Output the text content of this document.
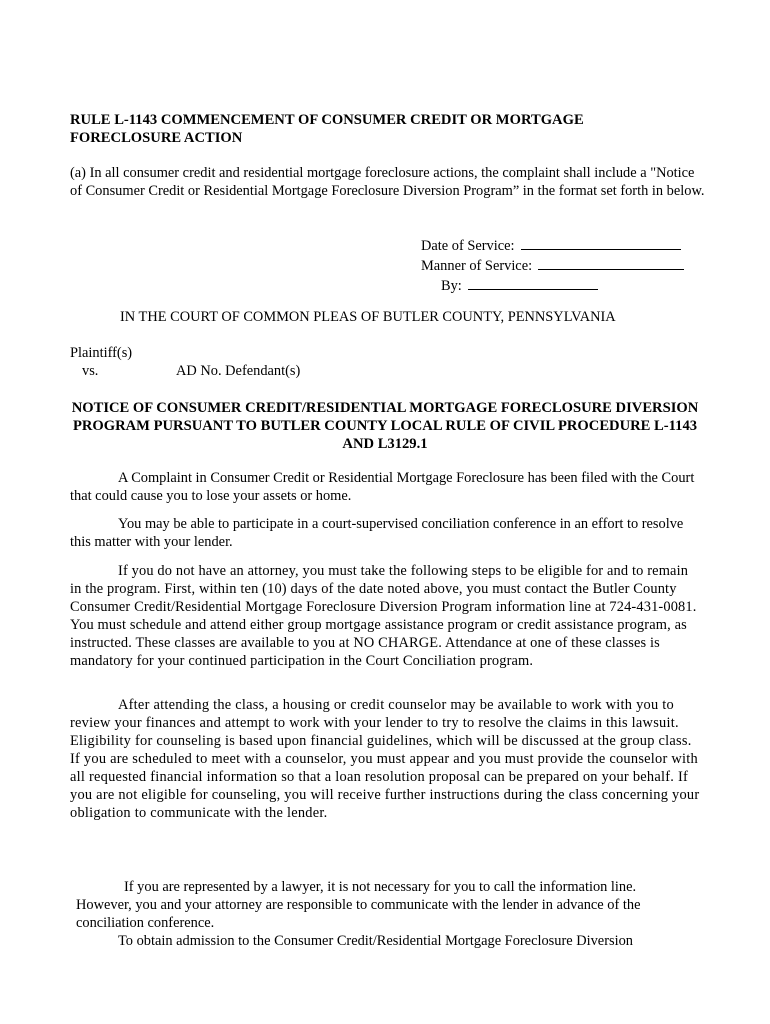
RULE L-1143 COMMENCEMENT OF CONSUMER CREDIT OR MORTGAGE FORECLOSURE ACTION
(a) In all consumer credit and residential mortgage foreclosure actions, the complaint shall include a "Notice of Consumer Credit or Residential Mortgage Foreclosure Diversion Program” in the format set forth in below.
Date of Service:
Manner of Service:
By:
IN THE COURT OF COMMON PLEAS OF BUTLER COUNTY, PENNSYLVANIA
Plaintiff(s)
vs.	AD No. Defendant(s)
NOTICE OF CONSUMER CREDIT/RESIDENTIAL MORTGAGE FORECLOSURE DIVERSION PROGRAM PURSUANT TO BUTLER COUNTY LOCAL RULE OF CIVIL PROCEDURE L-1143 AND L3129.1
A Complaint in Consumer Credit or Residential Mortgage Foreclosure has been filed with the Court that could cause you to lose your assets or home.
You may be able to participate in a court-supervised conciliation conference in an effort to resolve this matter with your lender.
If you do not have an attorney, you must take the following steps to be eligible for and to remain in the program. First, within ten (10) days of the date noted above, you must contact the Butler County Consumer Credit/Residential Mortgage Foreclosure Diversion Program information line at 724-431-0081. You must schedule and attend either group mortgage assistance program or credit assistance program, as instructed. These classes are available to you at NO CHARGE. Attendance at one of these classes is mandatory for your continued participation in the Court Conciliation program.
After attending the class, a housing or credit counselor may be available to work with you to review your finances and attempt to work with your lender to try to resolve the claims in this lawsuit. Eligibility for counseling is based upon financial guidelines, which will be discussed at the group class. If you are scheduled to meet with a counselor, you must appear and you must provide the counselor with all requested financial information so that a loan resolution proposal can be prepared on your behalf. If you are not eligible for counseling, you will receive further instructions during the class concerning your obligation to communicate with the lender.
If you are represented by a lawyer, it is not necessary for you to call the information line. However, you and your attorney are responsible to communicate with the lender in advance of the conciliation conference.
To obtain admission to the Consumer Credit/Residential Mortgage Foreclosure Diversion
